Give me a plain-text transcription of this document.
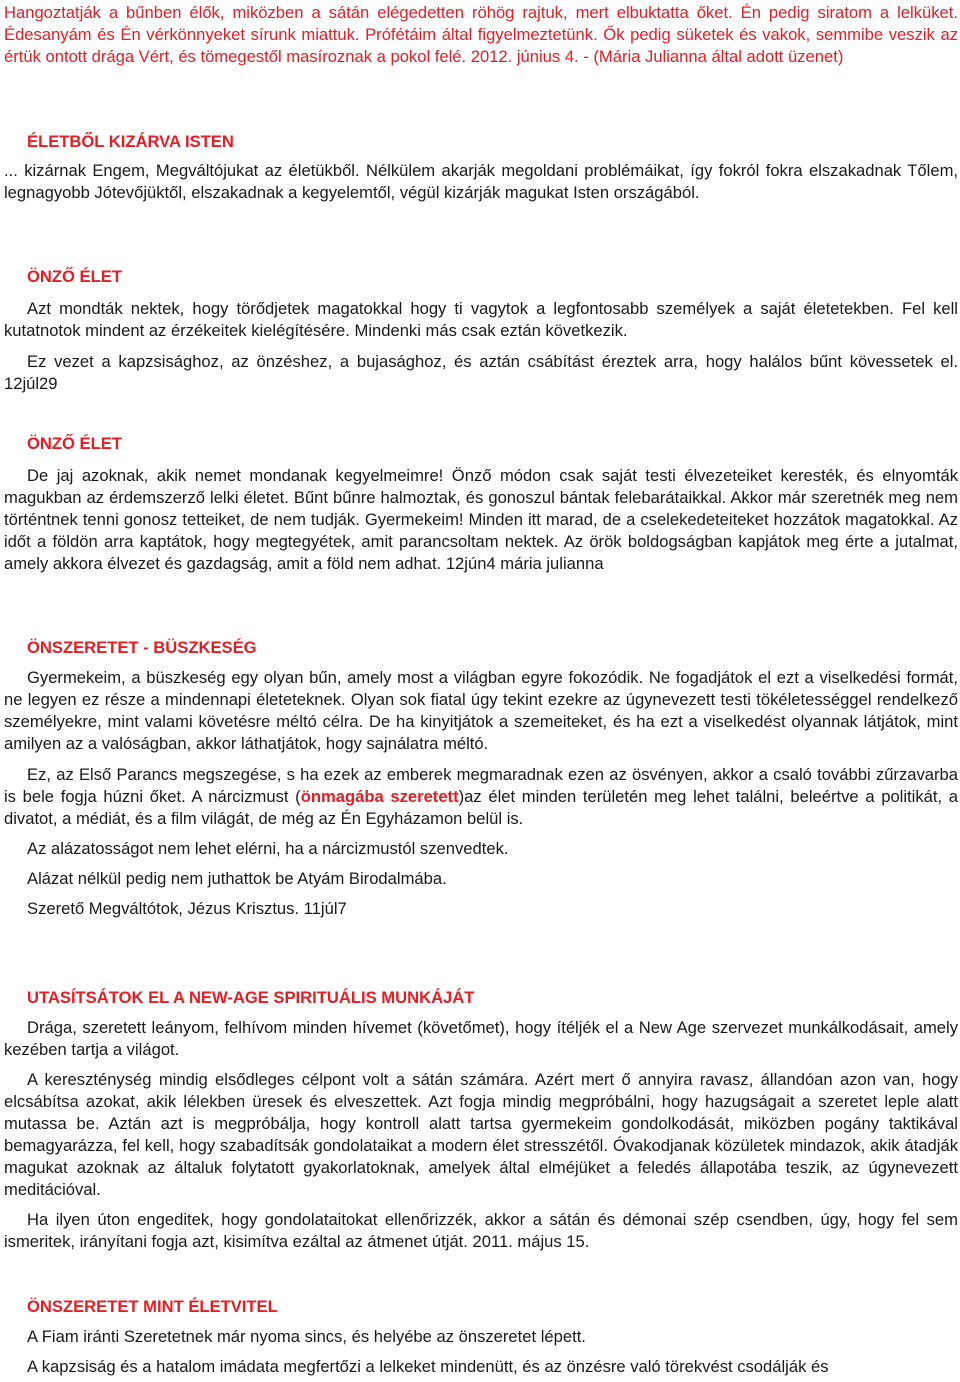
Hangoztatják a bűnben élők, miközben a sátán elégedetten röhög rajtuk, mert elbuktatta őket. Én pedig siratom a lelküket. Édesanyám és Én vérkönnyeket sírunk miattuk. Prófétáim által figyelmeztetünk. Ők pedig süketek és vakok, semmibe veszik az értük ontott drága Vért, és tömegestől masíroznak a pokol felé. 2012. június 4. - (Mária Julianna által adott üzenet)

ÉLETBŐL KIZÁRVA ISTEN

... kizárnak Engem, Megváltójukat az életükből. Nélkülem akarják megoldani problémáikat, így fokról fokra elszakadnak Tőlem, legnagyobb Jótevőjüktől, elszakadnak a kegyelemtől, végül kizárják magukat Isten országából.

ÖNZŐ ÉLET

Azt mondták nektek, hogy törődjetek magatokkal hogy ti vagytok a legfontosabb személyek a saját életetekben. Fel kell kutatnotok mindent az érzékeitek kielégítésére. Mindenki más csak eztán következik.

Ez vezet a kapzsisághoz, az önzéshez, a bujasághoz, és aztán csábítást éreztek arra, hogy halálos bűnt kövessetek el. 12júl29

ÖNZŐ ÉLET

De jaj azoknak, akik nemet mondanak kegyelmeimre! Önző módon csak saját testi élvezeteiket keresték, és elnyomták magukban az érdemszerző lelki életet. Bűnt bűnre halmoztak, és gonoszul bántak felebarátaikkal. Akkor már szeretnék meg nem történtnek tenni gonosz tetteiket, de nem tudják. Gyermekeim! Minden itt marad, de a cselekedeteiteket hozzátok magatokkal. Az időt a földön arra kaptátok, hogy megtegyétek, amit parancsoltam nektek. Az örök boldogságban kapjátok meg érte a jutalmat, amely akkora élvezet és gazdagság, amit a föld nem adhat. 12jún4 mária julianna

ÖNSZERETET - BÜSZKESÉG

Gyermekeim, a büszkeség egy olyan bűn, amely most a világban egyre fokozódik. Ne fogadjátok el ezt a viselkedési formát, ne legyen ez része a mindennapi életeteknek. Olyan sok fiatal úgy tekint ezekre az úgynevezett testi tökéletességgel rendelkező személyekre, mint valami követésre méltó célra. De ha kinyitjátok a szemeiteket, és ha ezt a viselkedést olyannak látjátok, mint amilyen az a valóságban, akkor láthatjátok, hogy sajnálatra méltó.

Ez, az Első Parancs megszegése, s ha ezek az emberek megmaradnak ezen az ösvényen, akkor a csaló további zűrzavarba is bele fogja húzni őket. A nárcizmust (önmagába szeretett)az élet minden területén meg lehet találni, beleértve a politikát, a divatot, a médiát, és a film világát, de még az Én Egyházamon belül is.

Az alázatosságot nem lehet elérni, ha a nárcizmustól szenvedtek.

Alázat nélkül pedig nem juthattok be Atyám Birodalmába.

Szerető Megváltótok, Jézus Krisztus. 11júl7

UTASÍTSÁTOK EL A NEW-AGE SPIRITUÁLIS MUNKÁJÁT

Drága, szeretett leányom, felhívom minden hívemet (követőmet), hogy ítéljék el a New Age szervezet munkálkodásait, amely kezében tartja a világot.

A kereszténység mindig elsődleges célpont volt a sátán számára. Azért mert ő annyira ravasz, állandóan azon van, hogy elcsábítsa azokat, akik lélekben üresek és elveszettek. Azt fogja mindig megpróbálni, hogy hazugságait a szeretet leple alatt mutassa be. Aztán azt is megpróbálja, hogy kontroll alatt tartsa gyermekeim gondolkodását, miközben pogány taktikával bemagyarázza, fel kell, hogy szabadítsák gondolataikat a modern élet stresszétől. Óvakodjanak közületek mindazok, akik átadják magukat azoknak az általuk folytatott gyakorlatoknak, amelyek által elméjüket a feledés állapotába teszik, az úgynevezett meditációval.

Ha ilyen úton engeditek, hogy gondolataitokat ellenőrizzék, akkor a sátán és démonai szép csendben, úgy, hogy fel sem ismeritek, irányítani fogja azt, kisimítva ezáltal az átmenet útját. 2011. május 15.

ÖNSZERETET MINT ÉLETVITEL

A Fiam iránti Szeretetnek már nyoma sincs, és helyébe az önszeretet lépett.

A kapzsiság és a hatalom imádata megfertőzi a lelkeket mindenütt, és az önzésre való törekvést csodálják és
